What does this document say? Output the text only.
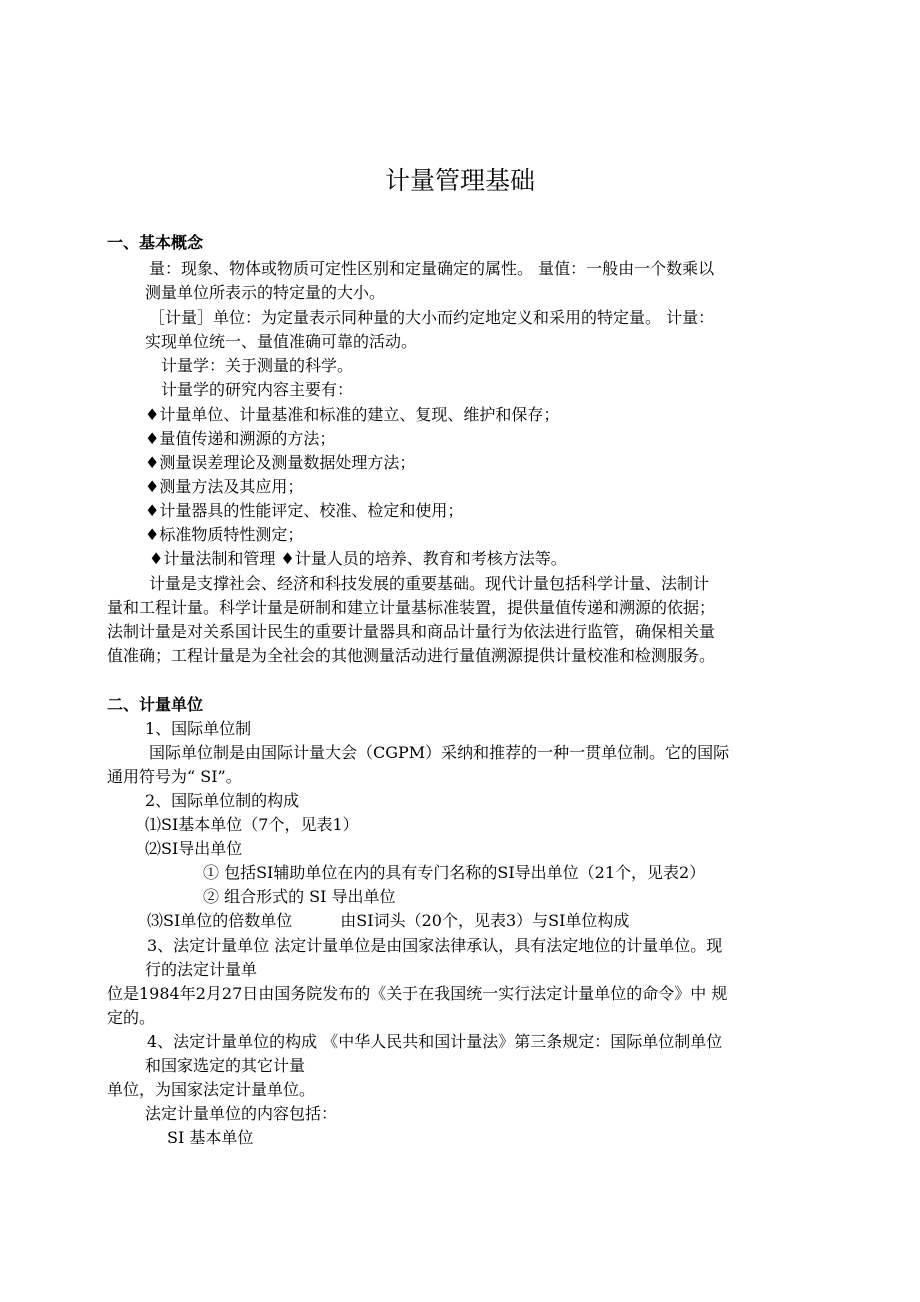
计量管理基础
一、基本概念
量：现象、物体或物质可定性区别和定量确定的属性。 量值：一般由一个数乘以
测量单位所表示的特定量的大小。
［计量］单位：为定量表示同种量的大小而约定地定义和采用的特定量。 计量：
实现单位统一、量值准确可靠的活动。
计量学：关于测量的科学。
计量学的研究内容主要有：
♦计量单位、计量基准和标准的建立、复现、维护和保存；
♦量值传递和溯源的方法；
♦测量误差理论及测量数据处理方法；
♦测量方法及其应用；
♦计量器具的性能评定、校准、检定和使用；
♦标准物质特性测定；
♦计量法制和管理 ♦计量人员的培养、教育和考核方法等。
计量是支撑社会、经济和科技发展的重要基础。现代计量包括科学计量、法制计
量和工程计量。科学计量是研制和建立计量基标准装置，提供量值传递和溯源的依据；
法制计量是对关系国计民生的重要计量器具和商品计量行为依法进行监管，确保相关量
值准确；工程计量是为全社会的其他测量活动进行量值溯源提供计量校准和检测服务。
二、计量单位
1、国际单位制
国际单位制是由国际计量大会（CGPM）采纳和推荐的一种一贯单位制。它的国际
通用符号为“ SI”。
2、国际单位制的构成
⑴SI基本单位（7个，见表1）
⑵SI导出单位
① 包括SI辅助单位在内的具有专门名称的SI导出单位（21个，见表2）
② 组合形式的 SI 导出单位
⑶SI单位的倍数单位	由SI词头（20个，见表3）与SI单位构成
3、法定计量单位 法定计量单位是由国家法律承认，具有法定地位的计量单位。现
行的法定计量单
位是1984年2月27日由国务院发布的《关于在我国统一实行法定计量单位的命令》中 规
定的。
4、法定计量单位的构成 《中华人民共和国计量法》第三条规定：国际单位制单位
和国家选定的其它计量
单位，为国家法定计量单位。
法定计量单位的内容包括：
SI 基本单位
